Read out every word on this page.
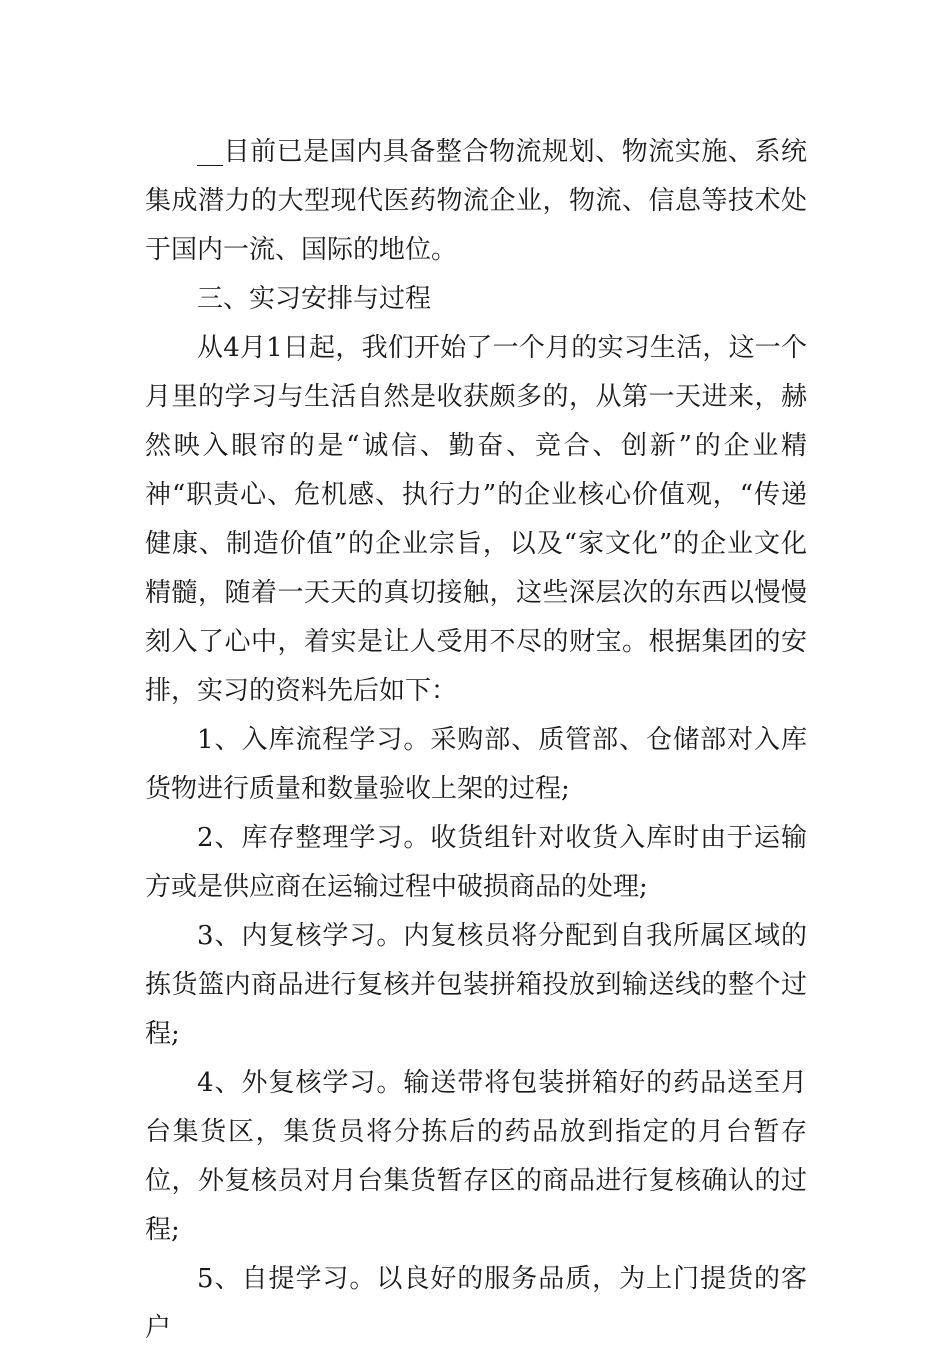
__目前已是国内具备整合物流规划、物流实施、系统集成潜力的大型现代医药物流企业，物流、信息等技术处于国内一流、国际的地位。

三、实习安排与过程

从4月1日起，我们开始了一个月的实习生活，这一个月里的学习与生活自然是收获颇多的，从第一天进来，赫然映入眼帘的是“诚信、勤奋、竞合、创新”的企业精神“职责心、危机感、执行力”的企业核心价值观，“传递健康、制造价值”的企业宗旨，以及“家文化”的企业文化精髓，随着一天天的真切接触，这些深层次的东西以慢慢刻入了心中，着实是让人受用不尽的财宝。根据集团的安排，实习的资料先后如下：

1、入库流程学习。采购部、质管部、仓储部对入库货物进行质量和数量验收上架的过程;

2、库存整理学习。收货组针对收货入库时由于运输方或是供应商在运输过程中破损商品的处理;

3、内复核学习。内复核员将分配到自我所属区域的拣货篮内商品进行复核并包装拼箱投放到输送线的整个过程;

4、外复核学习。输送带将包装拼箱好的药品送至月台集货区，集货员将分拣后的药品放到指定的月台暂存位，外复核员对月台集货暂存区的商品进行复核确认的过程;

5、自提学习。以良好的服务品质，为上门提货的客户
